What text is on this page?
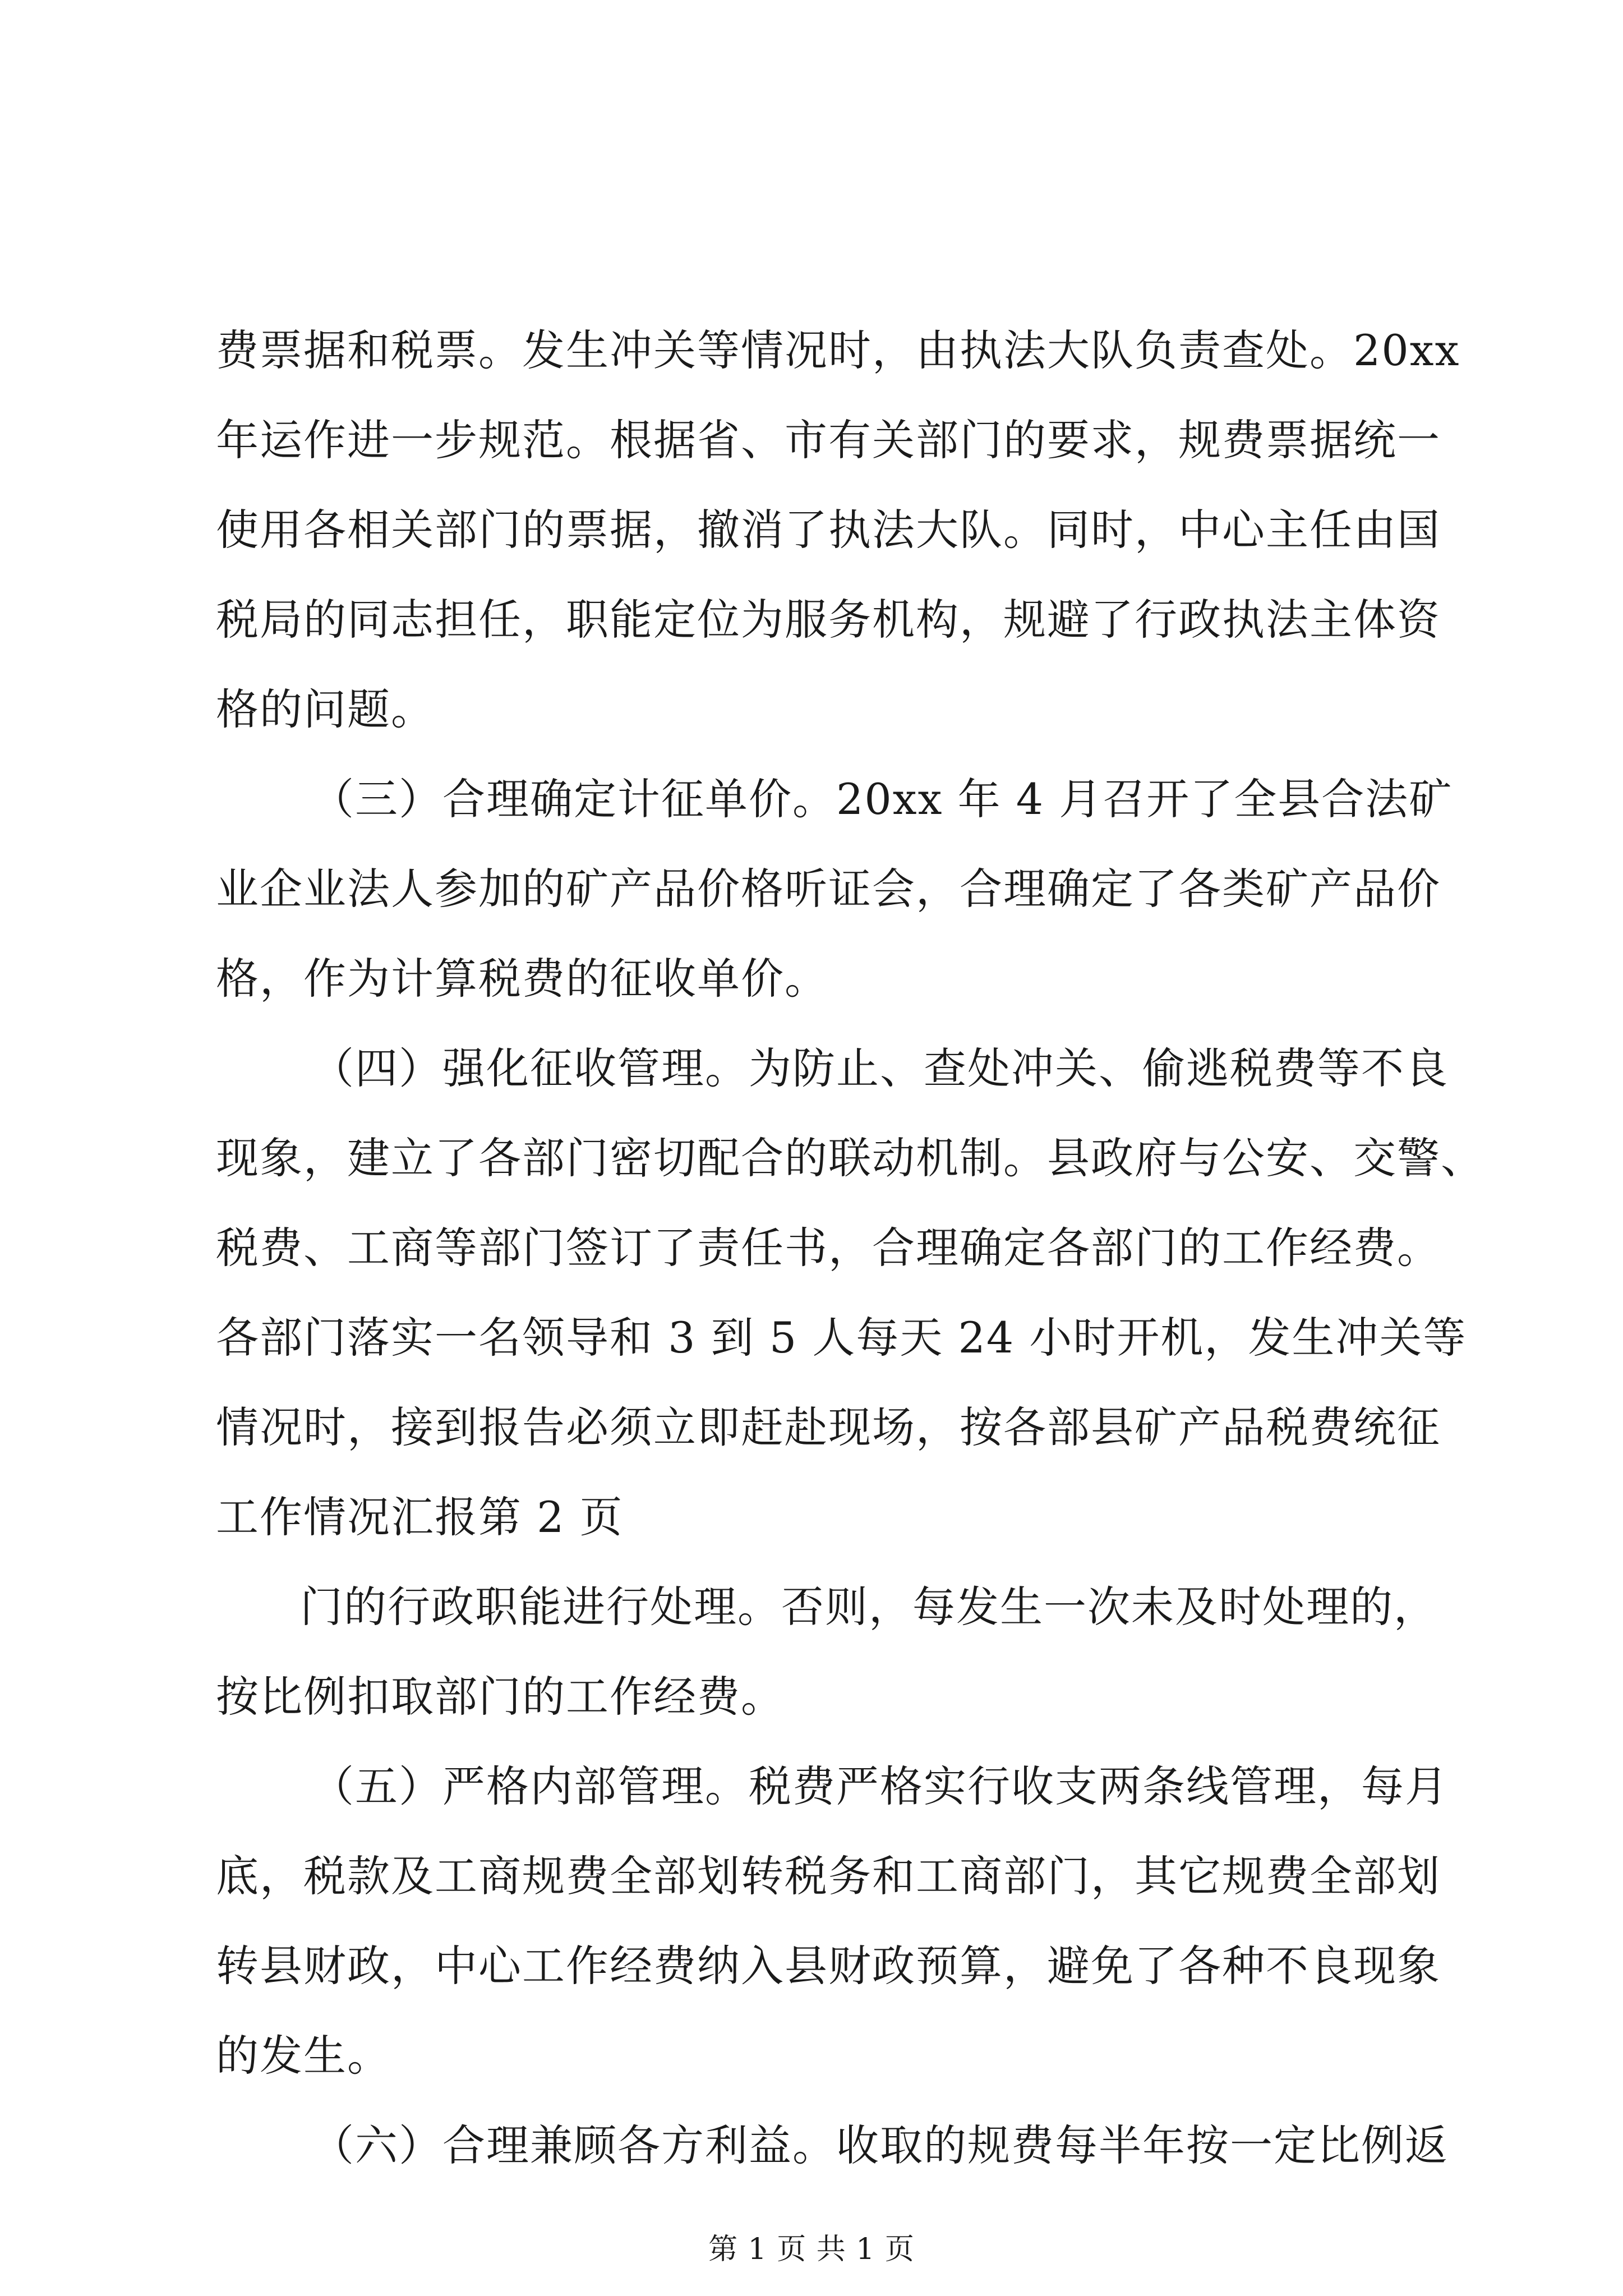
费票据和税票。发生冲关等情况时，由执法大队负责查处。20xx
年运作进一步规范。根据省、市有关部门的要求，规费票据统一
使用各相关部门的票据，撤消了执法大队。同时，中心主任由国
税局的同志担任，职能定位为服务机构，规避了行政执法主体资
格的问题。
（三）合理确定计征单价。20xx 年 4 月召开了全县合法矿
业企业法人参加的矿产品价格听证会，合理确定了各类矿产品价
格，作为计算税费的征收单价。
（四）强化征收管理。为防止、查处冲关、偷逃税费等不良
现象，建立了各部门密切配合的联动机制。县政府与公安、交警、
税费、工商等部门签订了责任书，合理确定各部门的工作经费。
各部门落实一名领导和 3 到 5 人每天 24 小时开机，发生冲关等
情况时，接到报告必须立即赶赴现场，按各部县矿产品税费统征
工作情况汇报第 2 页
门的行政职能进行处理。否则，每发生一次未及时处理的，
按比例扣取部门的工作经费。
（五）严格内部管理。税费严格实行收支两条线管理，每月
底，税款及工商规费全部划转税务和工商部门，其它规费全部划
转县财政，中心工作经费纳入县财政预算，避免了各种不良现象
的发生。
（六）合理兼顾各方利益。收取的规费每半年按一定比例返
第 1 页 共 1 页
